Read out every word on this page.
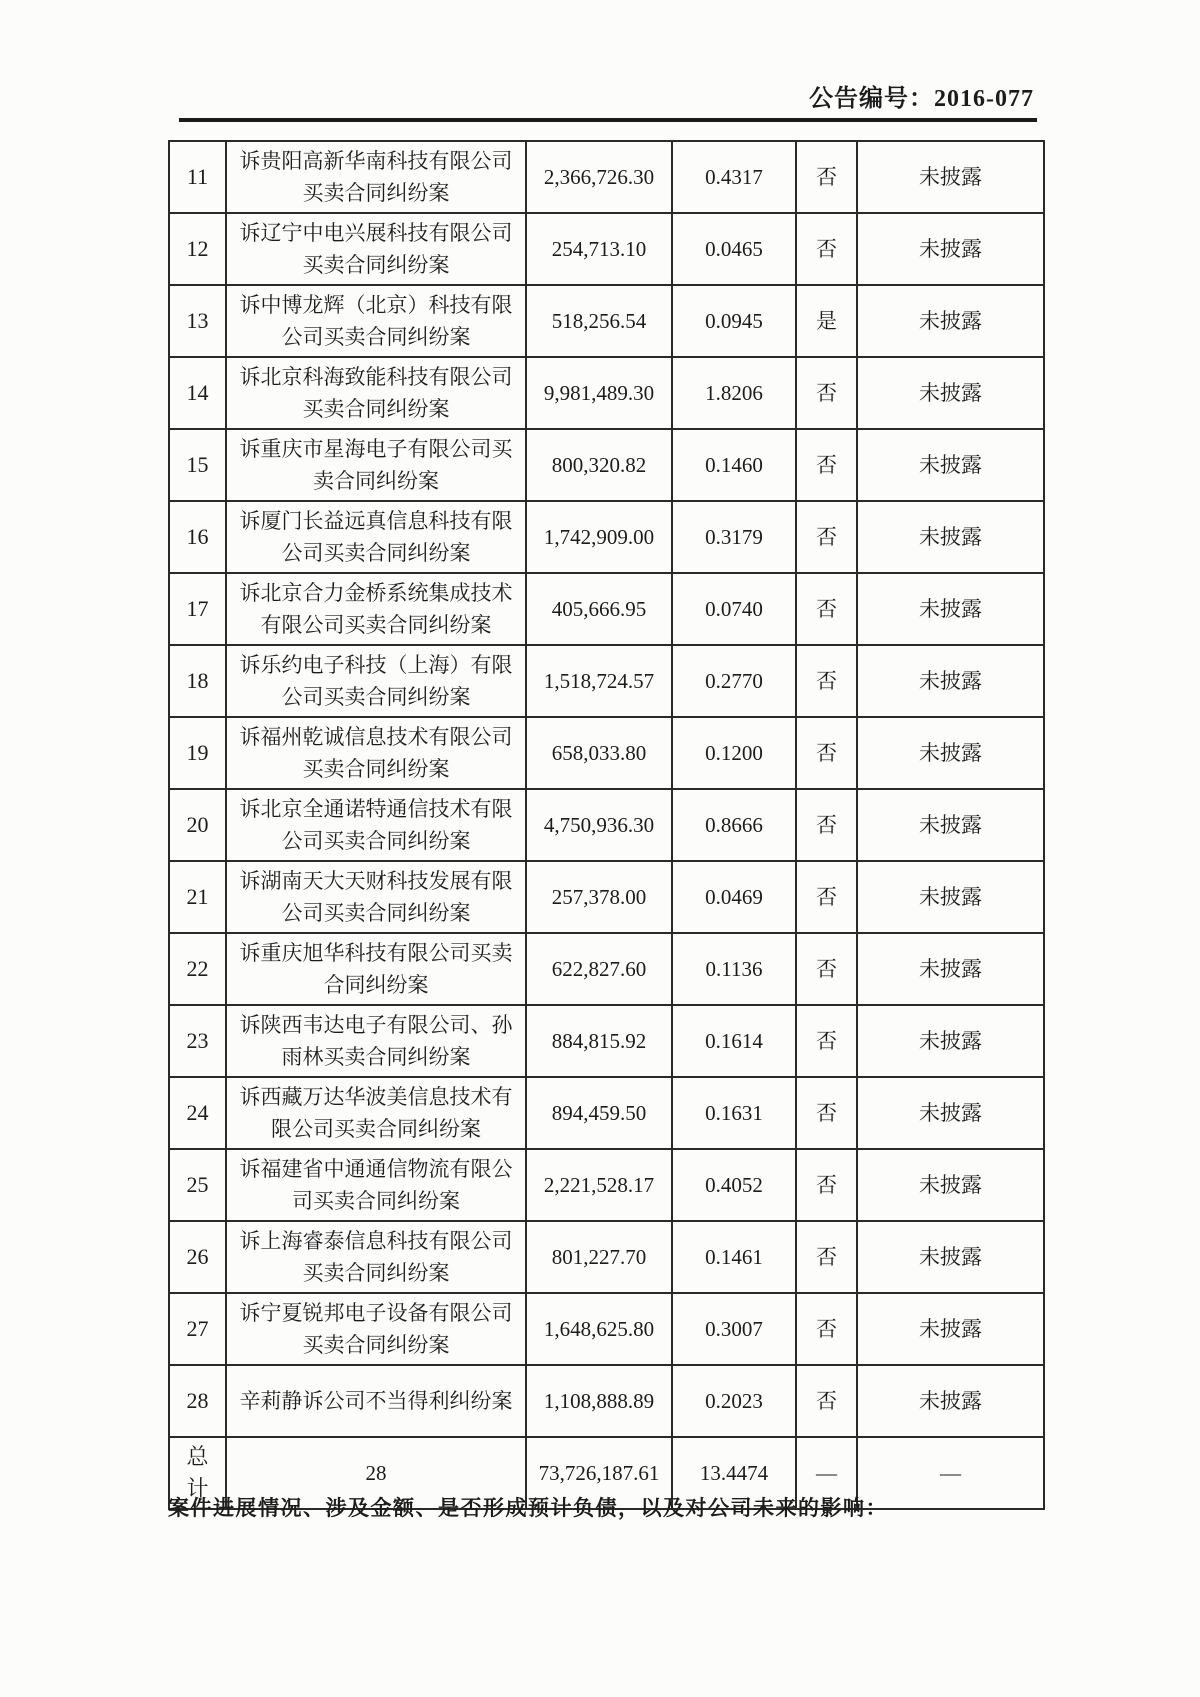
公告编号：2016-077
11	诉贵阳高新华南科技有限公司买卖合同纠纷案	2,366,726.30	0.4317	否	未披露
12	诉辽宁中电兴展科技有限公司买卖合同纠纷案	254,713.10	0.0465	否	未披露
13	诉中博龙辉（北京）科技有限公司买卖合同纠纷案	518,256.54	0.0945	是	未披露
14	诉北京科海致能科技有限公司买卖合同纠纷案	9,981,489.30	1.8206	否	未披露
15	诉重庆市星海电子有限公司买卖合同纠纷案	800,320.82	0.1460	否	未披露
16	诉厦门长益远真信息科技有限公司买卖合同纠纷案	1,742,909.00	0.3179	否	未披露
17	诉北京合力金桥系统集成技术有限公司买卖合同纠纷案	405,666.95	0.0740	否	未披露
18	诉乐约电子科技（上海）有限公司买卖合同纠纷案	1,518,724.57	0.2770	否	未披露
19	诉福州乾诚信息技术有限公司买卖合同纠纷案	658,033.80	0.1200	否	未披露
20	诉北京全通诺特通信技术有限公司买卖合同纠纷案	4,750,936.30	0.8666	否	未披露
21	诉湖南天大天财科技发展有限公司买卖合同纠纷案	257,378.00	0.0469	否	未披露
22	诉重庆旭华科技有限公司买卖合同纠纷案	622,827.60	0.1136	否	未披露
23	诉陕西韦达电子有限公司、孙雨林买卖合同纠纷案	884,815.92	0.1614	否	未披露
24	诉西藏万达华波美信息技术有限公司买卖合同纠纷案	894,459.50	0.1631	否	未披露
25	诉福建省中通通信物流有限公司买卖合同纠纷案	2,221,528.17	0.4052	否	未披露
26	诉上海睿泰信息科技有限公司买卖合同纠纷案	801,227.70	0.1461	否	未披露
27	诉宁夏锐邦电子设备有限公司买卖合同纠纷案	1,648,625.80	0.3007	否	未披露
28	辛莉静诉公司不当得利纠纷案	1,108,888.89	0.2023	否	未披露
总计	28	73,726,187.61	13.4474	—	—
案件进展情况、涉及金额、是否形成预计负债，以及对公司未来的影响：
